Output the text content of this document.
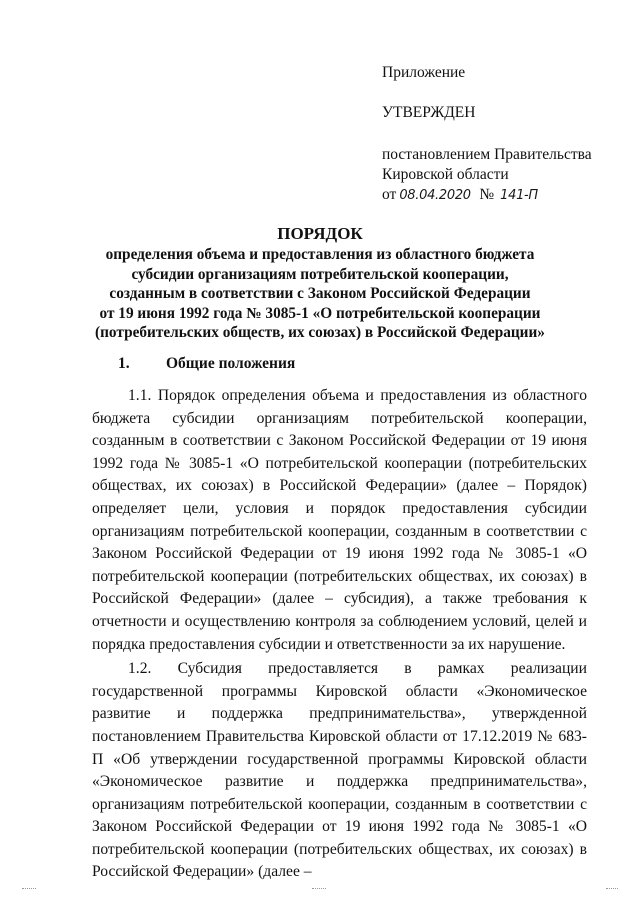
Приложение
УТВЕРЖДЕН
постановлением Правительства
Кировской области
от 08.04.2020 № 141-П
ПОРЯДОК
определения объема и предоставления из областного бюджета
субсидии организациям потребительской кооперации,
созданным в соответствии с Законом Российской Федерации
от 19 июня 1992 года № 3085-1 «О потребительской кооперации
(потребительских обществ, их союзах) в Российской Федерации»
1. Общие положения

1.1. Порядок определения объема и предоставления из областного бюджета субсидии организациям потребительской кооперации, созданным в соответствии с Законом Российской Федерации от 19 июня 1992 года № 3085-1 «О потребительской кооперации (потребительских обществах, их союзах) в Российской Федерации» (далее – Порядок) определяет цели, условия и порядок предоставления субсидии организациям потребительской кооперации, созданным в соответствии с Законом Российской Федерации от 19 июня 1992 года № 3085-1 «О потребительской кооперации (потребительских обществах, их союзах) в Российской Федерации» (далее – субсидия), а также требования к отчетности и осуществлению контроля за соблюдением условий, целей и порядка предоставления субсидии и ответственности за их нарушение.

1.2. Субсидия предоставляется в рамках реализации государственной программы Кировской области «Экономическое развитие и поддержка предпринимательства», утвержденной постановлением Правительства Кировской области от 17.12.2019 № 683-П «Об утверждении государственной программы Кировской области «Экономическое развитие и поддержка предпринимательства», организациям потребительской кооперации, созданным в соответствии с Законом Российской Федерации от 19 июня 1992 года № 3085-1 «О потребительской кооперации (потребительских обществах, их союзах) в Российской Федерации» (далее –
